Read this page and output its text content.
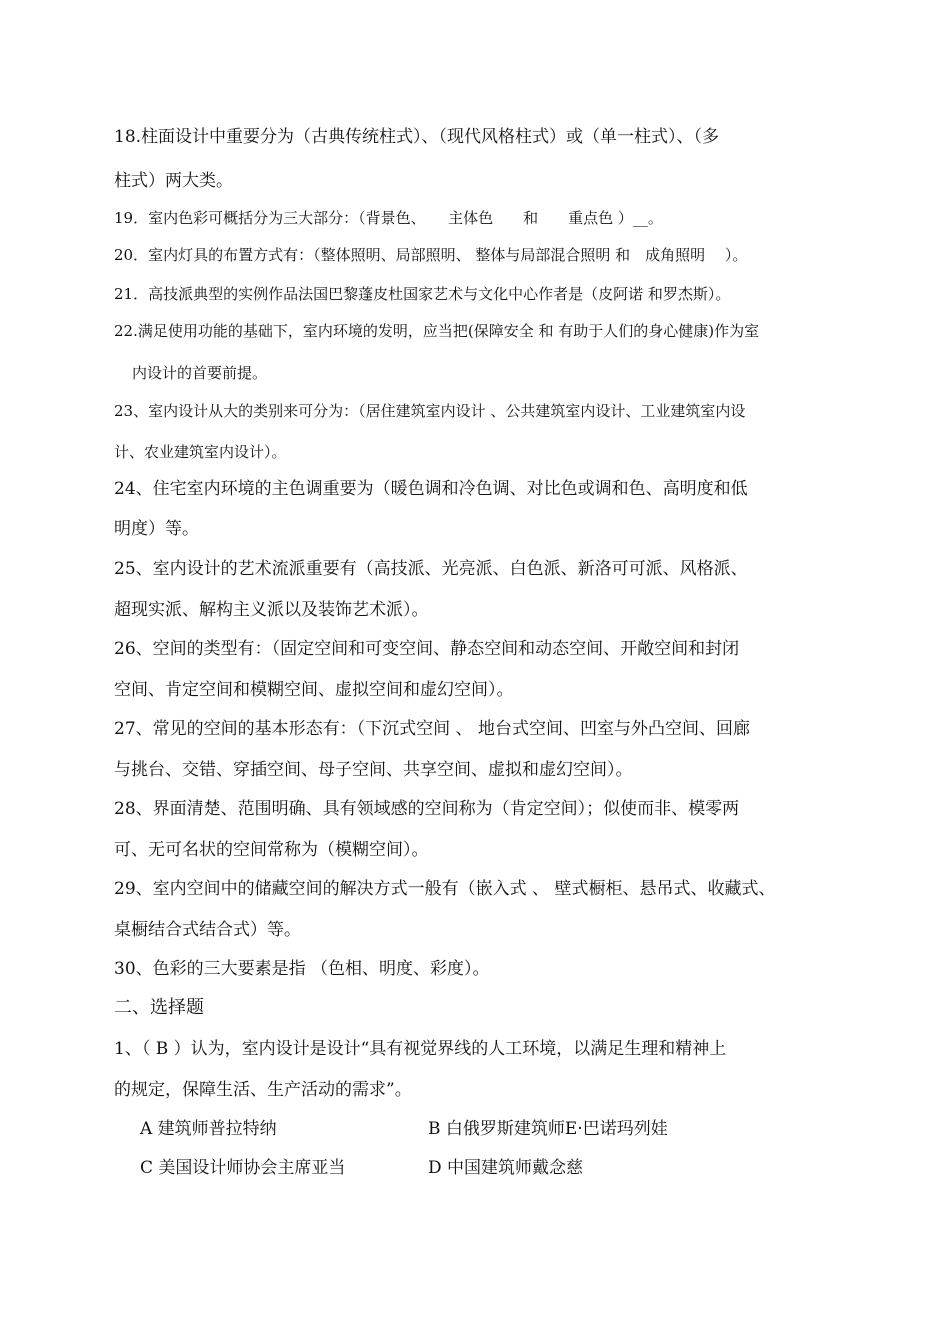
18.柱面设计中重要分为（古典传统柱式）、（现代风格柱式）或（单一柱式）、（多
柱式）两大类。
19．室内色彩可概括分为三大部分：（背景色、　　主体色　　和　　重点色 ）__。
20．室内灯具的布置方式有：（整体照明、局部照明、 整体与局部混合照明 和　成角照明　 ）。
21．高技派典型的实例作品法国巴黎蓬皮杜国家艺术与文化中心作者是（皮阿诺 和罗杰斯）。
22.满足使用功能的基础下，室内环境的发明，应当把(保障安全 和 有助于人们的身心健康)作为室
内设计的首要前提。
23、室内设计从大的类别来可分为：（居住建筑室内设计 、公共建筑室内设计、工业建筑室内设
计、农业建筑室内设计）。
24、住宅室内环境的主色调重要为（暖色调和冷色调、对比色或调和色、高明度和低
明度）等。
25、室内设计的艺术流派重要有（高技派、光亮派、白色派、新洛可可派、风格派、
超现实派、解构主义派以及装饰艺术派）。
26、空间的类型有：（固定空间和可变空间、静态空间和动态空间、开敞空间和封闭
空间、肯定空间和模糊空间、虚拟空间和虚幻空间）。
27、常见的空间的基本形态有：（下沉式空间 、 地台式空间、凹室与外凸空间、回廊
与挑台、交错、穿插空间、母子空间、共享空间、虚拟和虚幻空间）。
28、界面清楚、范围明确、具有领域感的空间称为（肯定空间）；似使而非、模零两
可、无可名状的空间常称为（模糊空间）。
29、室内空间中的储藏空间的解决方式一般有（嵌入式 、 壁式橱柜、悬吊式、收藏式、
桌橱结合式结合式）等。
30、色彩的三大要素是指 （色相、明度、彩度）。
二、选择题
1、（ B ）认为，室内设计是设计“具有视觉界线的人工环境，以满足生理和精神上
的规定，保障生活、生产活动的需求”。
A 建筑师普拉特纳	B 白俄罗斯建筑师E·巴诺玛列娃
C 美国设计师协会主席亚当	D 中国建筑师戴念慈
